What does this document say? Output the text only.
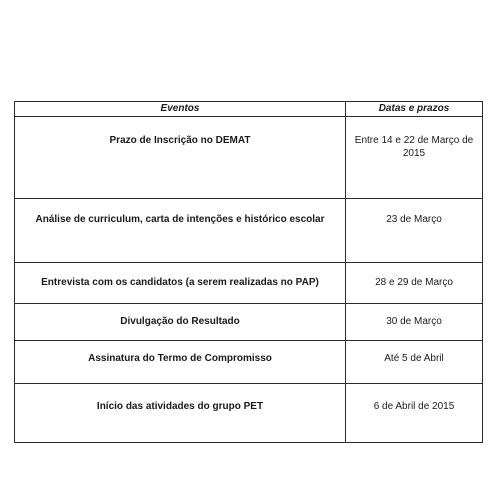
Eventos	Datas e prazos

Prazo de Inscrição no DEMAT	Entre 14 e 22 de Março de 2015

Análise de curriculum, carta de intenções e histórico escolar	23 de Março

Entrevista com os candidatos (a serem realizadas no PAP)	28 e 29 de Março

Divulgação do Resultado	30 de Março

Assinatura do Termo de Compromisso	Até 5 de Abril

Início das atividades do grupo PET	6 de Abril de 2015
